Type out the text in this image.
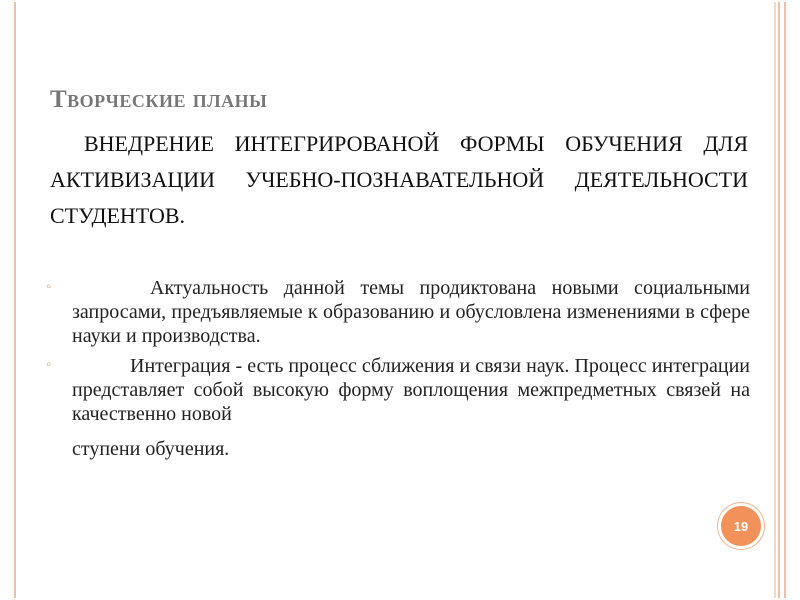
Творческие планы

ВНЕДРЕНИЕ ИНТЕГРИРОВАНОЙ ФОРМЫ ОБУЧЕНИЯ ДЛЯ АКТИВИЗАЦИИ УЧЕБНО-ПОЗНАВАТЕЛЬНОЙ ДЕЯТЕЛЬНОСТИ СТУДЕНТОВ.

◦	Актуальность данной темы продиктована новыми социальными запросами, предъявляемые к образованию и обусловлена изменениями в сфере науки и производства.
◦	Интеграция - есть процесс сближения и связи наук. Процесс интеграции представляет собой высокую форму воплощения межпредметных связей на качественно новой
ступени обучения.
19
